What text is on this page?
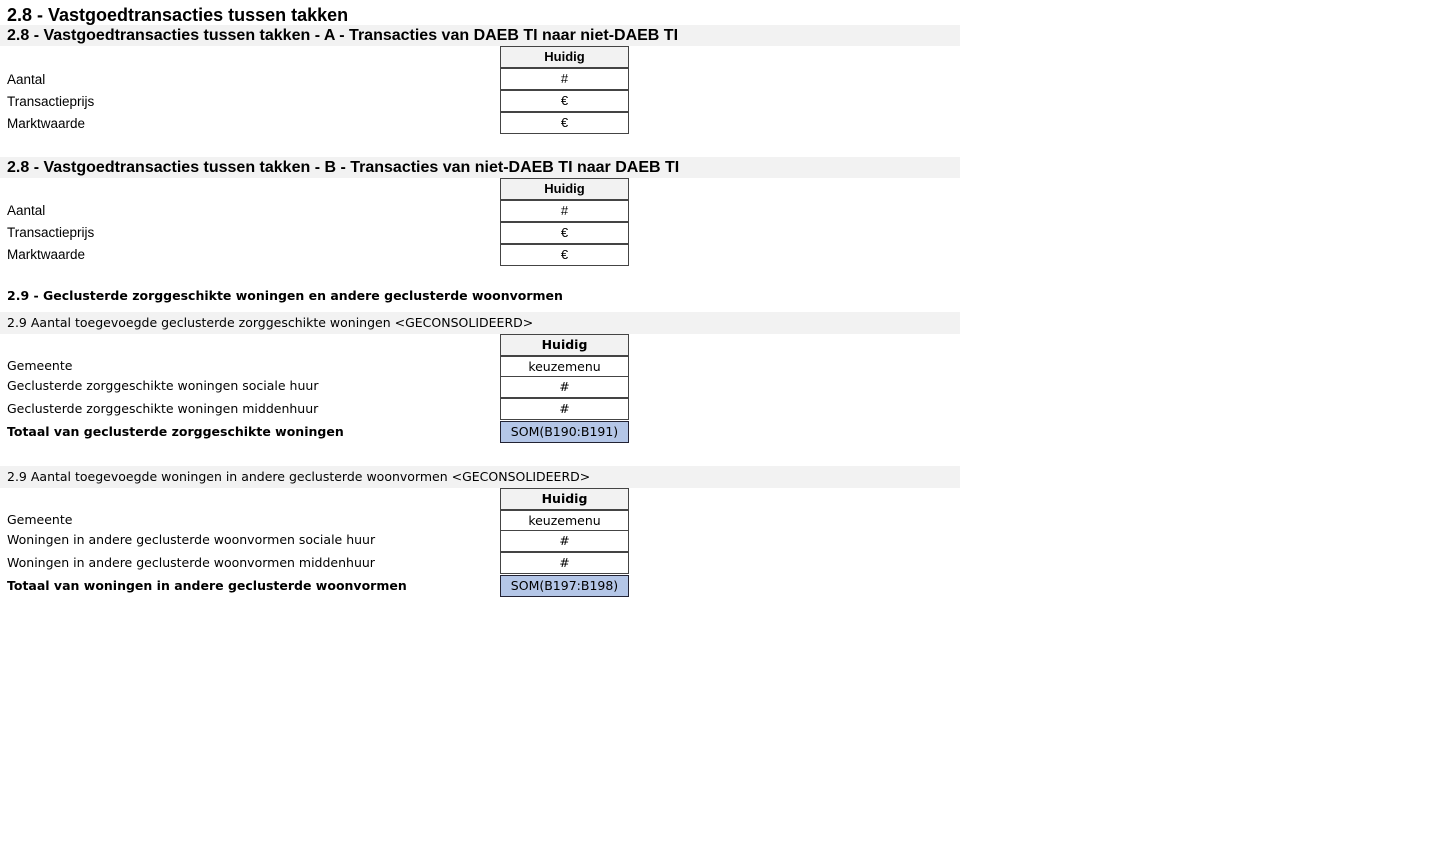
2.8 - Vastgoedtransacties tussen takken
2.8 - Vastgoedtransacties tussen takken - A - Transacties van DAEB TI naar niet-DAEB TI
Huidig
#
€
€
Aantal
Transactieprijs
Marktwaarde
2.8 - Vastgoedtransacties tussen takken - B - Transacties van niet-DAEB TI naar DAEB TI
Huidig
#
€
€
Aantal
Transactieprijs
Marktwaarde
2.9 - Geclusterde zorggeschikte woningen en andere geclusterde woonvormen
2.9 Aantal toegevoegde geclusterde zorggeschikte woningen <GECONSOLIDEERD>
Huidig
keuzemenu
#
#
SOM(B190:B191)
Gemeente
Geclusterde zorggeschikte woningen sociale huur
Geclusterde zorggeschikte woningen middenhuur
Totaal van geclusterde zorggeschikte woningen
2.9 Aantal toegevoegde woningen in andere geclusterde woonvormen <GECONSOLIDEERD>
Huidig
keuzemenu
#
#
SOM(B197:B198)
Gemeente
Woningen in andere geclusterde woonvormen sociale huur
Woningen in andere geclusterde woonvormen middenhuur
Totaal van woningen in andere geclusterde woonvormen
